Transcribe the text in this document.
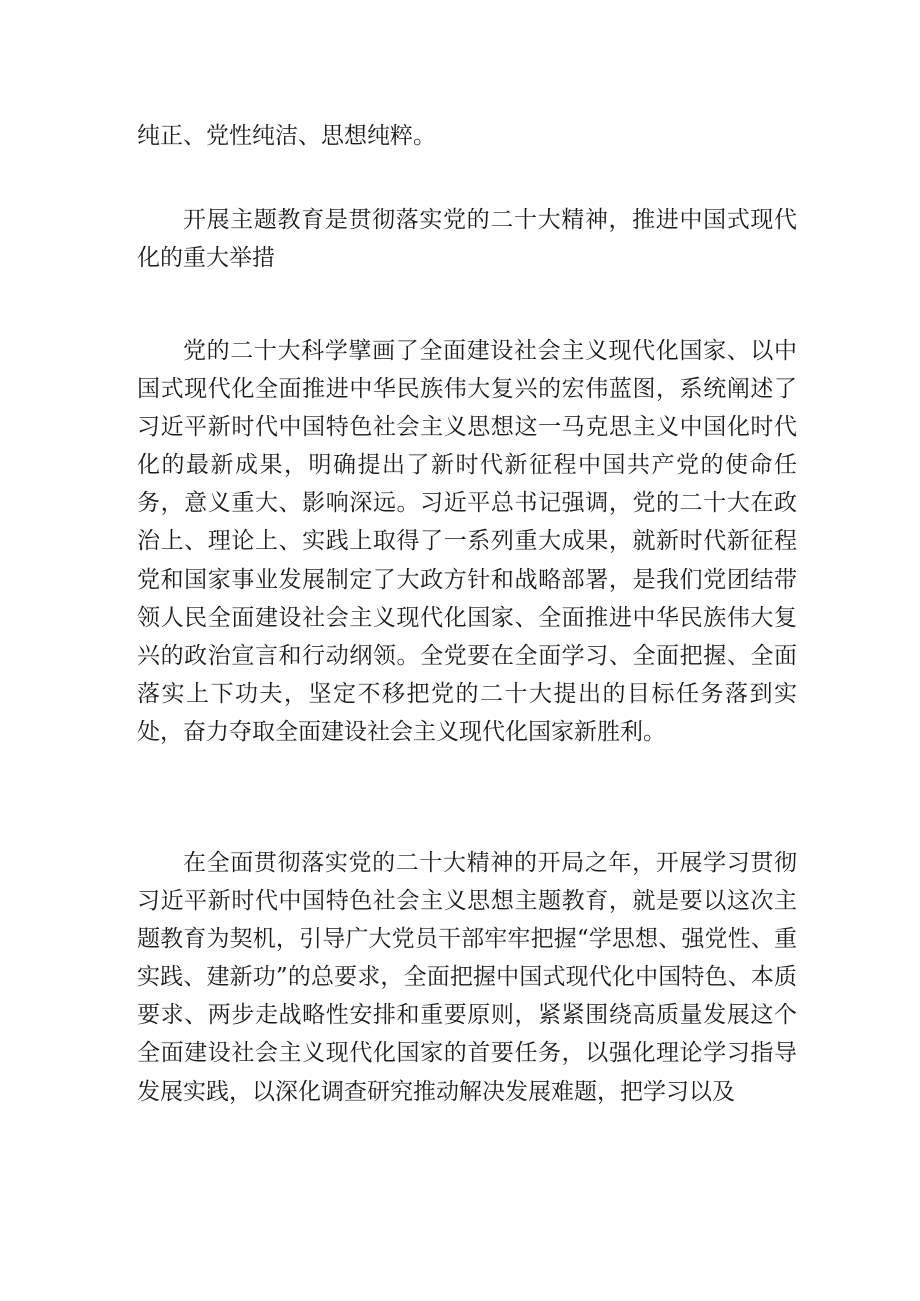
纯正、党性纯洁、思想纯粹。

开展主题教育是贯彻落实党的二十大精神，推进中国式现代化的重大举措

党的二十大科学擘画了全面建设社会主义现代化国家、以中国式现代化全面推进中华民族伟大复兴的宏伟蓝图，系统阐述了习近平新时代中国特色社会主义思想这一马克思主义中国化时代化的最新成果，明确提出了新时代新征程中国共产党的使命任务，意义重大、影响深远。习近平总书记强调，党的二十大在政治上、理论上、实践上取得了一系列重大成果，就新时代新征程党和国家事业发展制定了大政方针和战略部署，是我们党团结带领人民全面建设社会主义现代化国家、全面推进中华民族伟大复兴的政治宣言和行动纲领。全党要在全面学习、全面把握、全面落实上下功夫，坚定不移把党的二十大提出的目标任务落到实处，奋力夺取全面建设社会主义现代化国家新胜利。

在全面贯彻落实党的二十大精神的开局之年，开展学习贯彻习近平新时代中国特色社会主义思想主题教育，就是要以这次主题教育为契机，引导广大党员干部牢牢把握“学思想、强党性、重实践、建新功”的总要求，全面把握中国式现代化中国特色、本质要求、两步走战略性安排和重要原则，紧紧围绕高质量发展这个全面建设社会主义现代化国家的首要任务，以强化理论学习指导发展实践，以深化调查研究推动解决发展难题，把学习以及
